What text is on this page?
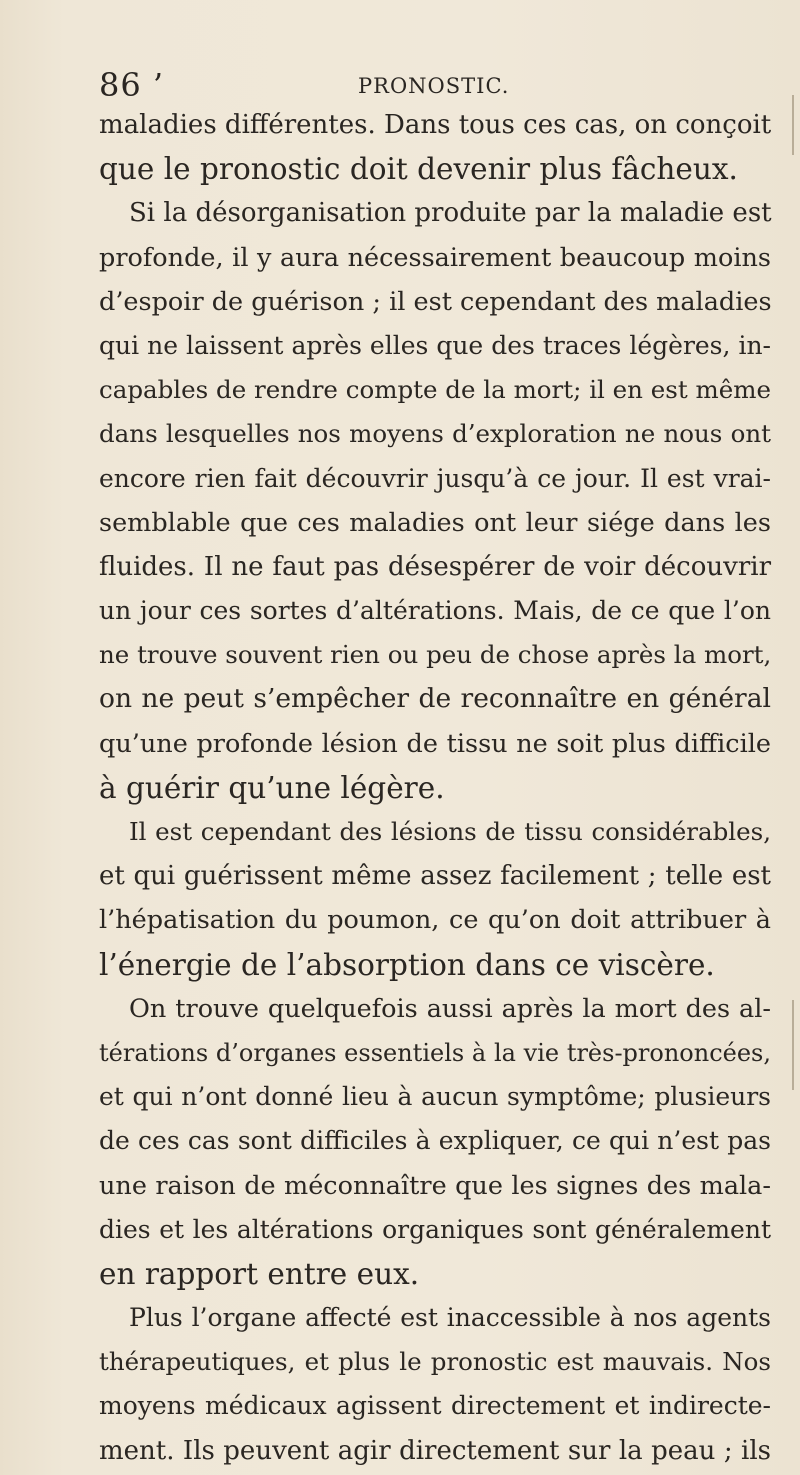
86 ’	PRONOSTIC.
maladies différentes. Dans tous ces cas, on conçoit
que le pronostic doit devenir plus fâcheux.
Si la désorganisation produite par la maladie est
profonde, il y aura nécessairement beaucoup moins
d’espoir de guérison ; il est cependant des maladies
qui ne laissent après elles que des traces légères, in-
capables de rendre compte de la mort; il en est même
dans lesquelles nos moyens d’exploration ne nous ont
encore rien fait découvrir jusqu’à ce jour. Il est vrai-
semblable que ces maladies ont leur siége dans les
fluides. Il ne faut pas désespérer de voir découvrir
un jour ces sortes d’altérations. Mais, de ce que l’on
ne trouve souvent rien ou peu de chose après la mort,
on ne peut s’empêcher de reconnaître en général
qu’une profonde lésion de tissu ne soit plus difficile
à guérir qu’une légère.
Il est cependant des lésions de tissu considérables,
et qui guérissent même assez facilement ; telle est
l’hépatisation du poumon, ce qu’on doit attribuer à
l’énergie de l’absorption dans ce viscère.
On trouve quelquefois aussi après la mort des al-
térations d’organes essentiels à la vie très-prononcées,
et qui n’ont donné lieu à aucun symptôme; plusieurs
de ces cas sont difficiles à expliquer, ce qui n’est pas
une raison de méconnaître que les signes des mala-
dies et les altérations organiques sont généralement
en rapport entre eux.
Plus l’organe affecté est inaccessible à nos agents
thérapeutiques, et plus le pronostic est mauvais. Nos
moyens médicaux agissent directement et indirecte-
ment. Ils peuvent agir directement sur la peau ; ils
